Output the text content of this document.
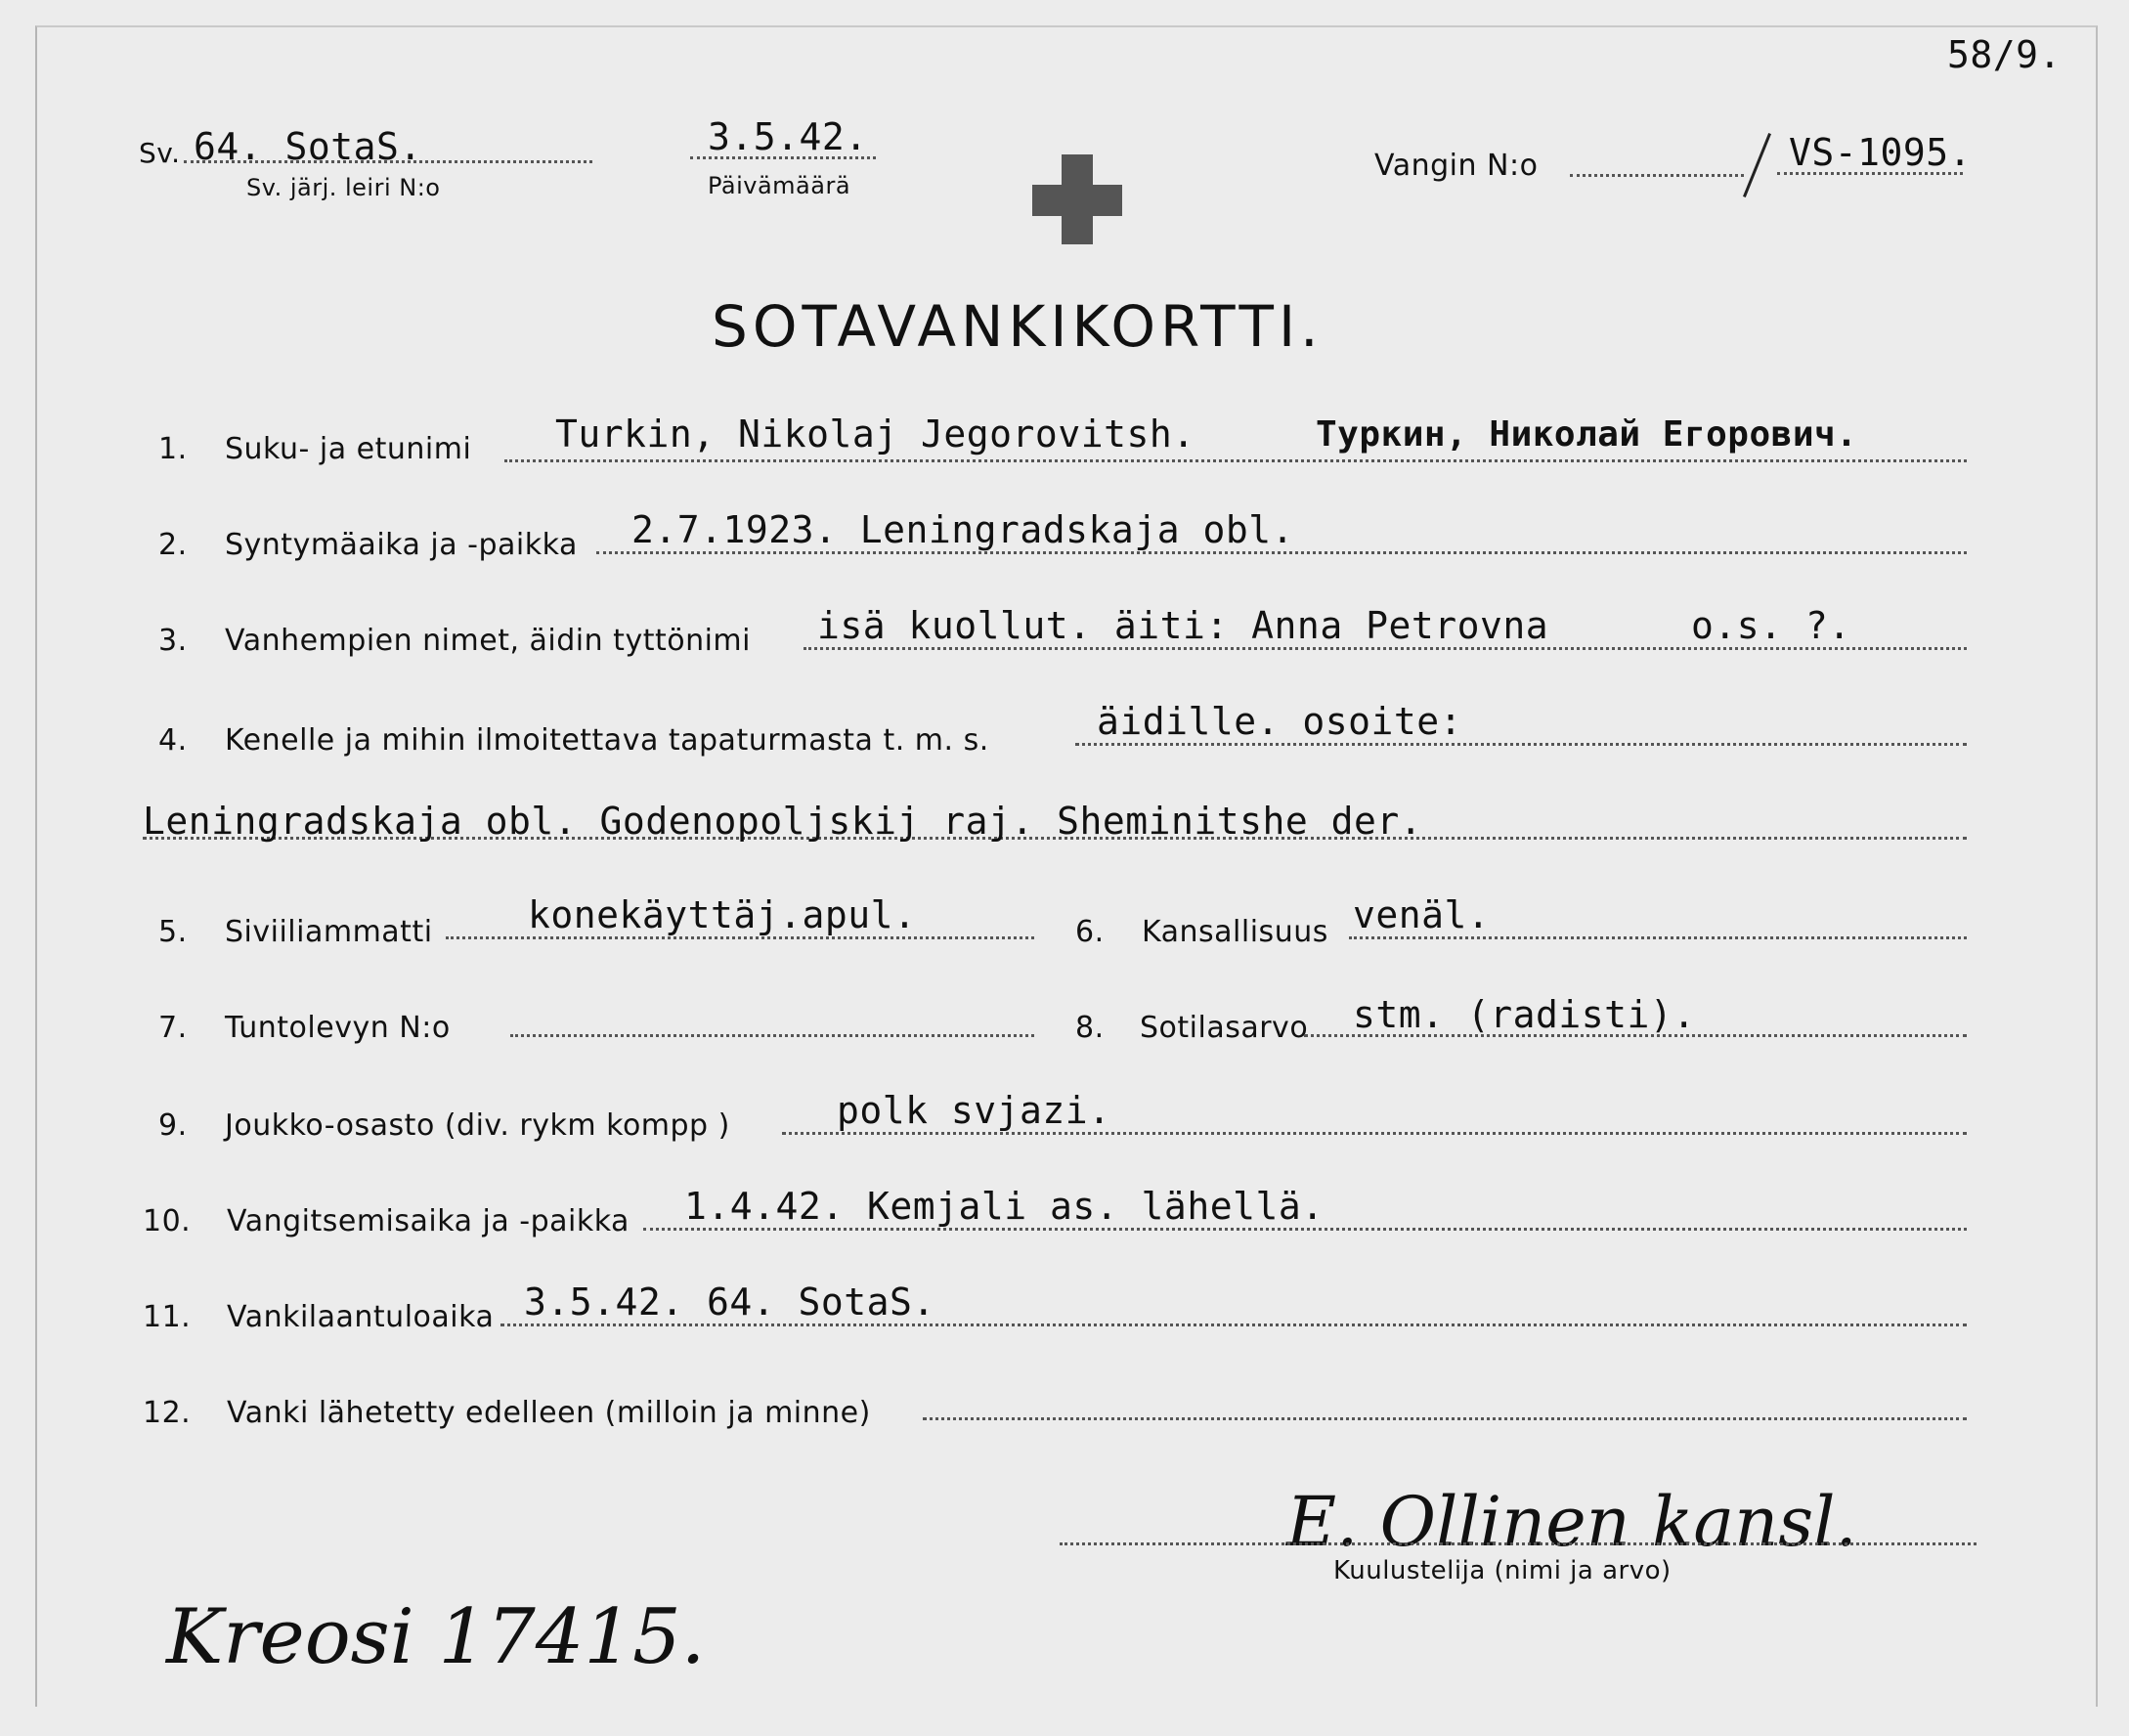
58/9.
Sv. 64. SotaS.
Sv. järj. leiri N:o
3.5.42.
Päivämäärä
Vangin N:o	VS-1095.
SOTAVANKIKORTTI.
1. Suku- ja etunimi Turkin, Nikolaj Jegorovitsh.	Туркин, Николай Егорович.
2. Syntymäaika ja -paikka 2.7.1923. Leningradskaja obl.
3. Vanhempien nimet, äidin tyttönimi isä kuollut. äiti: Anna Petrovna	o.s. ?.
4. Kenelle ja mihin ilmoitettava tapaturmasta t. m. s.	äidille. osoite:
Leningradskaja obl. Godenopoljskij raj. Sheminitshe der.
5. Siviiliammatti	konekäyttäj.apul.	6. Kansallisuus venäl.
7. Tuntolevyn N:o	8. Sotilasarvo stm. (radisti).
9. Joukko-osasto (div. rykm kompp )	polk svjazi.
10. Vangitsemisaika ja -paikka 1.4.42. Kemjali as. lähellä.
11. Vankilaantuloaika 3.5.42. 64. SotaS.
12. Vanki lähetetty edelleen (milloin ja minne)
E. Ollinen kansl.
Kuulustelija (nimi ja arvo)
Kreosi 17415.
